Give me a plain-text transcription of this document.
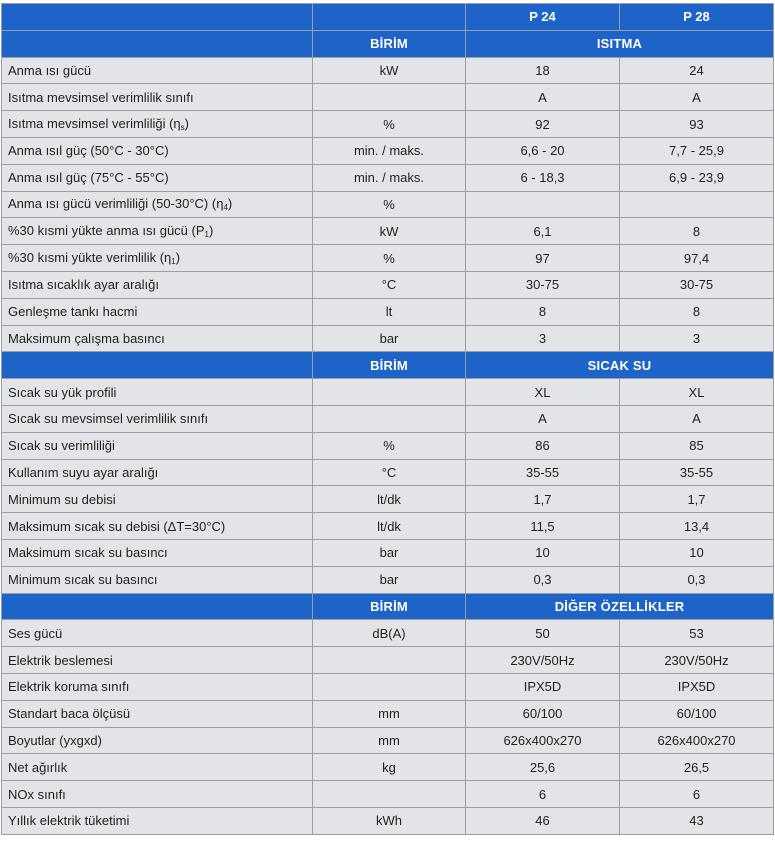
		P 24	P 28
	BİRİM	ISITMA	
Anma ısı gücü	kW	18	24
Isıtma mevsimsel verimlilik sınıfı		A	A
Isıtma mevsimsel verimliliği $(\eta_s)$	%	92	93
Anma ısıl güç (50°C - 30°C)	min. / maks.	6,6 - 20	7,7 - 25,9
Anma ısıl güç (75°C - 55°C)	min. / maks.	6 - 18,3	6,9 - 23,9
Anma ısı gücü verimliliği (50-30°C) $(\eta_4)$	%		
%30 kısmi yükte anma ısı gücü $(P_1)$	kW	6,1	8
%30 kısmi yükte verimlilik $(\eta_1)$	%	97	97,4
Isıtma sıcaklık ayar aralığı	°C	30-75	30-75
Genleşme tankı hacmi	lt	8	8
Maksimum çalışma basıncı	bar	3	3
	BİRİM	SICAK SU	
Sıcak su yük profili		XL	XL
Sıcak su mevsimsel verimlilik sınıfı		A	A
Sıcak su verimliliği	%	86	85
Kullanım suyu ayar aralığı	°C	35-55	35-55
Minimum su debisi	lt/dk	1,7	1,7
Maksimum sıcak su debisi (ΔT=30°C)	lt/dk	11,5	13,4
Maksimum sıcak su basıncı	bar	10	10
Minimum sıcak su basıncı	bar	0,3	0,3
	BİRİM	DİĞER ÖZELLİKLER	
Ses gücü	dB(A)	50	53
Elektrik beslemesi		230V/50Hz	230V/50Hz
Elektrik koruma sınıfı		IPX5D	IPX5D
Standart baca ölçüsü	mm	60/100	60/100
Boyutlar (yxgxd)	mm	626x400x270	626x400x270
Net ağırlık	kg	25,6	26,5
NOx sınıfı		6	6
Yıllık elektrik tüketimi	kWh	46	43
